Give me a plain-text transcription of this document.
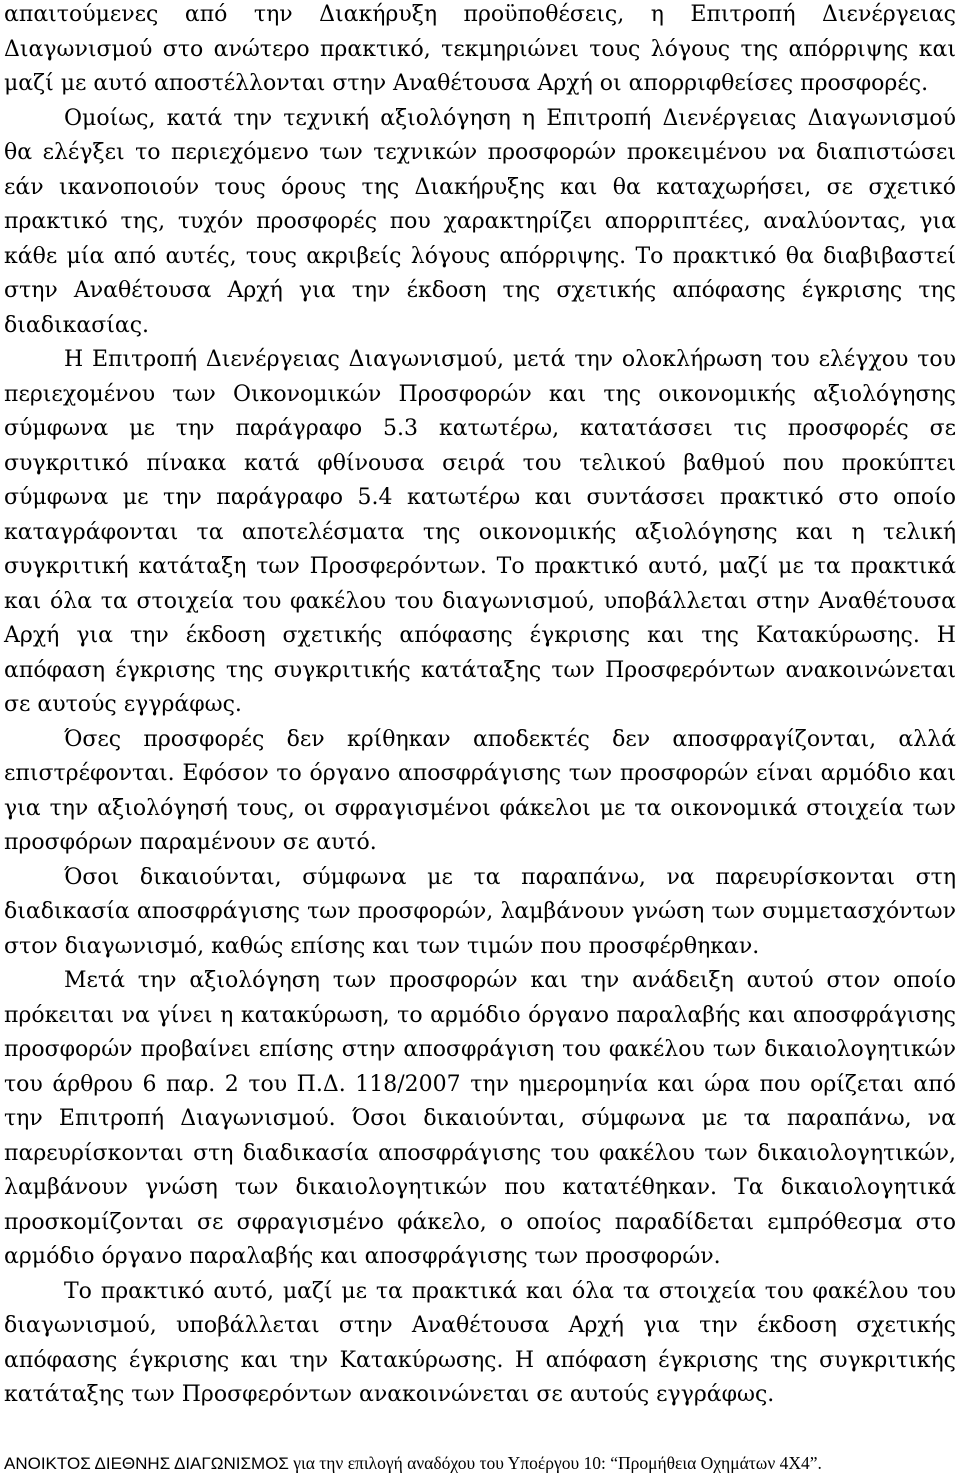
απαιτούμενες από την Διακήρυξη προϋποθέσεις, η Επιτροπή Διενέργειας Διαγωνισμού στο ανώτερο πρακτικό, τεκμηριώνει τους λόγους της απόρριψης και μαζί με αυτό αποστέλλονται στην Αναθέτουσα Αρχή οι απορριφθείσες προσφορές.

Ομοίως, κατά την τεχνική αξιολόγηση η Επιτροπή Διενέργειας Διαγωνισμού θα ελέγξει το περιεχόμενο των τεχνικών προσφορών προκειμένου να διαπιστώσει εάν ικανοποιούν τους όρους της Διακήρυξης και θα καταχωρήσει, σε σχετικό πρακτικό της, τυχόν προσφορές που χαρακτηρίζει απορριπτέες, αναλύοντας, για κάθε μία από αυτές, τους ακριβείς λόγους απόρριψης. Το πρακτικό θα διαβιβαστεί στην Αναθέτουσα Αρχή για την έκδοση της σχετικής απόφασης έγκρισης της διαδικασίας.

Η Επιτροπή Διενέργειας Διαγωνισμού, μετά την ολοκλήρωση του ελέγχου του περιεχομένου των Οικονομικών Προσφορών και της οικονομικής αξιολόγησης σύμφωνα με την παράγραφο 5.3 κατωτέρω, κατατάσσει τις προσφορές σε συγκριτικό πίνακα κατά φθίνουσα σειρά του τελικού βαθμού που προκύπτει σύμφωνα με την παράγραφο 5.4 κατωτέρω και συντάσσει πρακτικό στο οποίο καταγράφονται τα αποτελέσματα της οικονομικής αξιολόγησης και η τελική συγκριτική κατάταξη των Προσφερόντων. Το πρακτικό αυτό, μαζί με τα πρακτικά και όλα τα στοιχεία του φακέλου του διαγωνισμού, υποβάλλεται στην Αναθέτουσα Αρχή για την έκδοση σχετικής απόφασης έγκρισης και της Κατακύρωσης. Η απόφαση έγκρισης της συγκριτικής κατάταξης των Προσφερόντων ανακοινώνεται σε αυτούς εγγράφως.

Όσες προσφορές δεν κρίθηκαν αποδεκτές δεν αποσφραγίζονται, αλλά επιστρέφονται. Εφόσον το όργανο αποσφράγισης των προσφορών είναι αρμόδιο και για την αξιολόγησή τους, οι σφραγισμένοι φάκελοι με τα οικονομικά στοιχεία των προσφόρων παραμένουν σε αυτό.

Όσοι δικαιούνται, σύμφωνα με τα παραπάνω, να παρευρίσκονται στη διαδικασία αποσφράγισης των προσφορών, λαμβάνουν γνώση των συμμετασχόντων στον διαγωνισμό, καθώς επίσης και των τιμών που προσφέρθηκαν.

Μετά την αξιολόγηση των προσφορών και την ανάδειξη αυτού στον οποίο πρόκειται να γίνει η κατακύρωση, το αρμόδιο όργανο παραλαβής και αποσφράγισης προσφορών προβαίνει επίσης στην αποσφράγιση του φακέλου των δικαιολογητικών του άρθρου 6 παρ. 2 του Π.Δ. 118/2007 την ημερομηνία και ώρα που ορίζεται από την Επιτροπή Διαγωνισμού. Όσοι δικαιούνται, σύμφωνα με τα παραπάνω, να παρευρίσκονται στη διαδικασία αποσφράγισης του φακέλου των δικαιολογητικών, λαμβάνουν γνώση των δικαιολογητικών που κατατέθηκαν. Τα δικαιολογητικά προσκομίζονται σε σφραγισμένο φάκελο, ο οποίος παραδίδεται εμπρόθεσμα στο αρμόδιο όργανο παραλαβής και αποσφράγισης των προσφορών.

Το πρακτικό αυτό, μαζί με τα πρακτικά και όλα τα στοιχεία του φακέλου του διαγωνισμού, υποβάλλεται στην Αναθέτουσα Αρχή για την έκδοση σχετικής απόφασης έγκρισης και την Κατακύρωσης. Η απόφαση έγκρισης της συγκριτικής κατάταξης των Προσφερόντων ανακοινώνεται σε αυτούς εγγράφως.

ΑΝΟΙΚΤΟΣ ΔΙΕΘΝΗΣ ΔΙΑΓΩΝΙΣΜΟΣ για την επιλογή αναδόχου του Υποέργου 10: “Προμήθεια Οχημάτων 4Χ4”.
